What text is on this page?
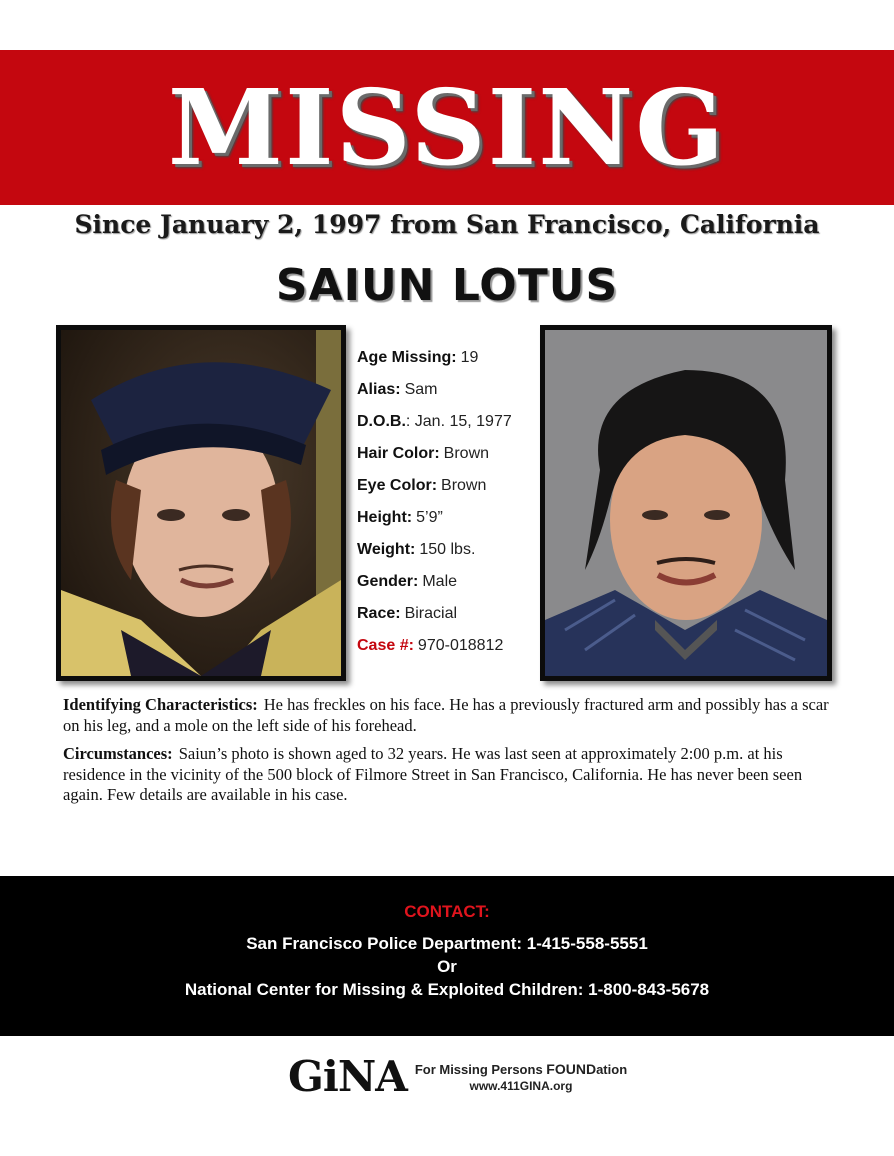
MISSING
Since January 2, 1997 from San Francisco, California
SAIUN LOTUS
Age Missing: 19
Alias: Sam
D.O.B.: Jan. 15, 1977
Hair Color: Brown
Eye Color: Brown
Height: 5’9”
Weight: 150 lbs.
Gender: Male
Race: Biracial
Case #: 970-018812

Identifying Characteristics: He has freckles on his face. He has a previously fractured arm and possibly has a scar on his leg, and a mole on the left side of his forehead.

Circumstances: Saiun’s photo is shown aged to 32 years. He was last seen at approximately 2:00 p.m. at his residence in the vicinity of the 500 block of Filmore Street in San Francisco, California. He has never been seen again. Few details are available in his case.

CONTACT:
San Francisco Police Department: 1-415-558-5551
Or
National Center for Missing & Exploited Children: 1-800-843-5678
GiNA For Missing Persons FOUNDation
www.411GINA.org
